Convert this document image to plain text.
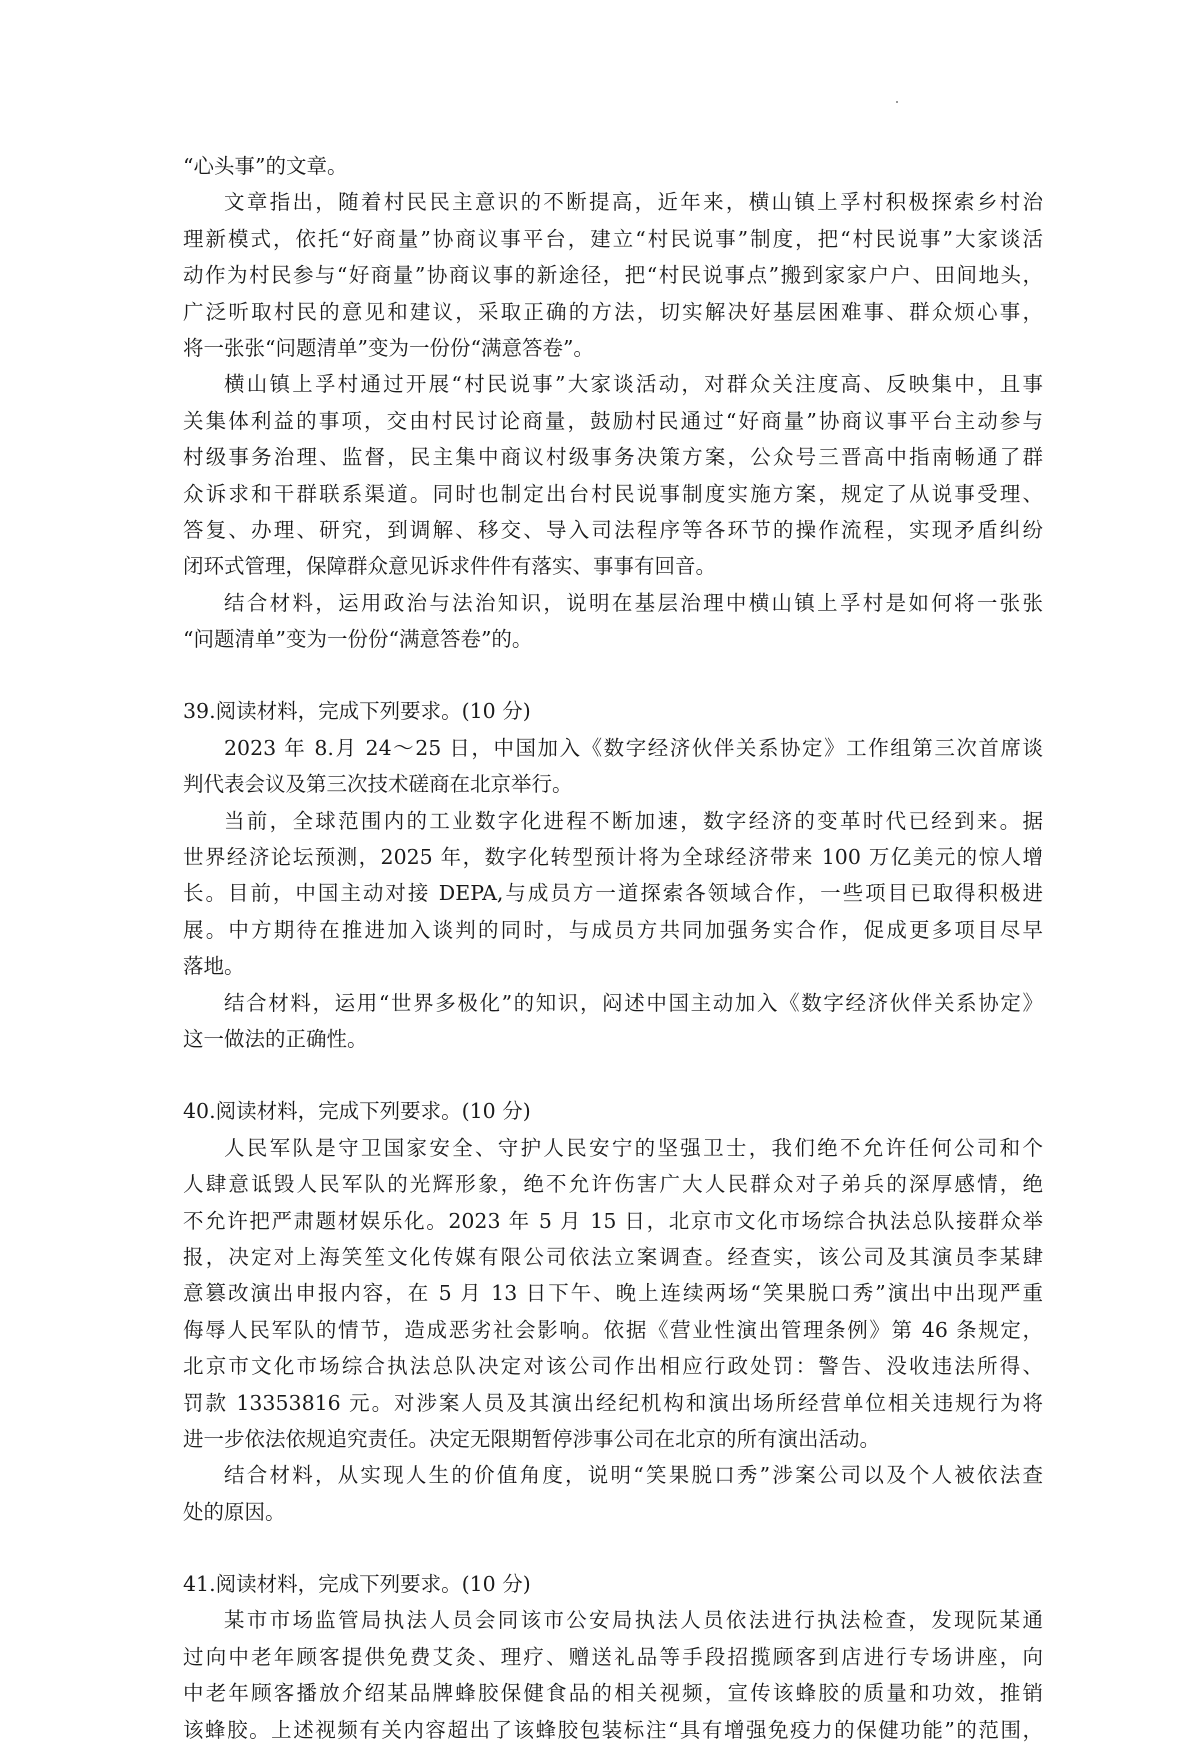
“心头事”的文章。
文章指出，随着村民民主意识的不断提高，近年来，横山镇上孚村积极探索乡村治
理新模式，依托“好商量”协商议事平台，建立“村民说事”制度，把“村民说事”大家谈活
动作为村民参与“好商量”协商议事的新途径，把“村民说事点”搬到家家户户、田间地头，
广泛听取村民的意见和建议，采取正确的方法，切实解决好基层困难事、群众烦心事，
将一张张“问题清单”变为一份份“满意答卷”。
横山镇上孚村通过开展“村民说事”大家谈活动，对群众关注度高、反映集中，且事
关集体利益的事项，交由村民讨论商量，鼓励村民通过“好商量”协商议事平台主动参与
村级事务治理、监督，民主集中商议村级事务决策方案，公众号三晋高中指南畅通了群
众诉求和干群联系渠道。同时也制定出台村民说事制度实施方案，规定了从说事受理、
答复、办理、研究，到调解、移交、导入司法程序等各环节的操作流程，实现矛盾纠纷
闭环式管理，保障群众意见诉求件件有落实、事事有回音。
结合材料，运用政治与法治知识，说明在基层治理中横山镇上孚村是如何将一张张
“问题清单”变为一份份“满意答卷”的。
39.阅读材料，完成下列要求。(10 分)
2023 年 8.月 24～25 日，中国加入《数字经济伙伴关系协定》工作组第三次首席谈
判代表会议及第三次技术磋商在北京举行。
当前，全球范围内的工业数字化进程不断加速，数字经济的变革时代已经到来。据
世界经济论坛预测，2025 年，数字化转型预计将为全球经济带来 100 万亿美元的惊人增
长。目前，中国主动对接 DEPA,与成员方一道探索各领域合作，一些项目已取得积极进
展。中方期待在推进加入谈判的同时，与成员方共同加强务实合作，促成更多项目尽早
落地。
结合材料，运用“世界多极化”的知识，闷述中国主动加入《数字经济伙伴关系协定》
这一做法的正确性。
40.阅读材料，完成下列要求。(10 分)
人民军队是守卫国家安全、守护人民安宁的坚强卫士，我们绝不允许任何公司和个
人肆意诋毁人民军队的光辉形象，绝不允许伤害广大人民群众对子弟兵的深厚感情，绝
不允许把严肃题材娱乐化。2023 年 5 月 15 日，北京市文化市场综合执法总队接群众举
报，决定对上海笑笙文化传媒有限公司依法立案调查。经查实，该公司及其演员李某肆
意篡改演出申报内容，在 5 月 13 日下午、晚上连续两场“笑果脱口秀”演出中出现严重
侮辱人民军队的情节，造成恶劣社会影响。依据《营业性演出管理条例》第 46 条规定，
北京市文化市场综合执法总队决定对该公司作出相应行政处罚：警告、没收违法所得、
罚款 13353816 元。对涉案人员及其演出经纪机构和演出场所经营单位相关违规行为将
进一步依法依规追究责任。决定无限期暂停涉事公司在北京的所有演出活动。
结合材料，从实现人生的价值角度，说明“笑果脱口秀”涉案公司以及个人被依法查
处的原因。
41.阅读材料，完成下列要求。(10 分)
某市市场监管局执法人员会同该市公安局执法人员依法进行执法检查，发现阮某通
过向中老年顾客提供免费艾灸、理疗、赠送礼品等手段招揽顾客到店进行专场讲座，向
中老年顾客播放介绍某品牌蜂胶保健食品的相关视频，宣传该蜂胶的质量和功效，推销
该蜂胶。上述视频有关内容超出了该蜂胶包装标注“具有增强免疫力的保健功能”的范围，
